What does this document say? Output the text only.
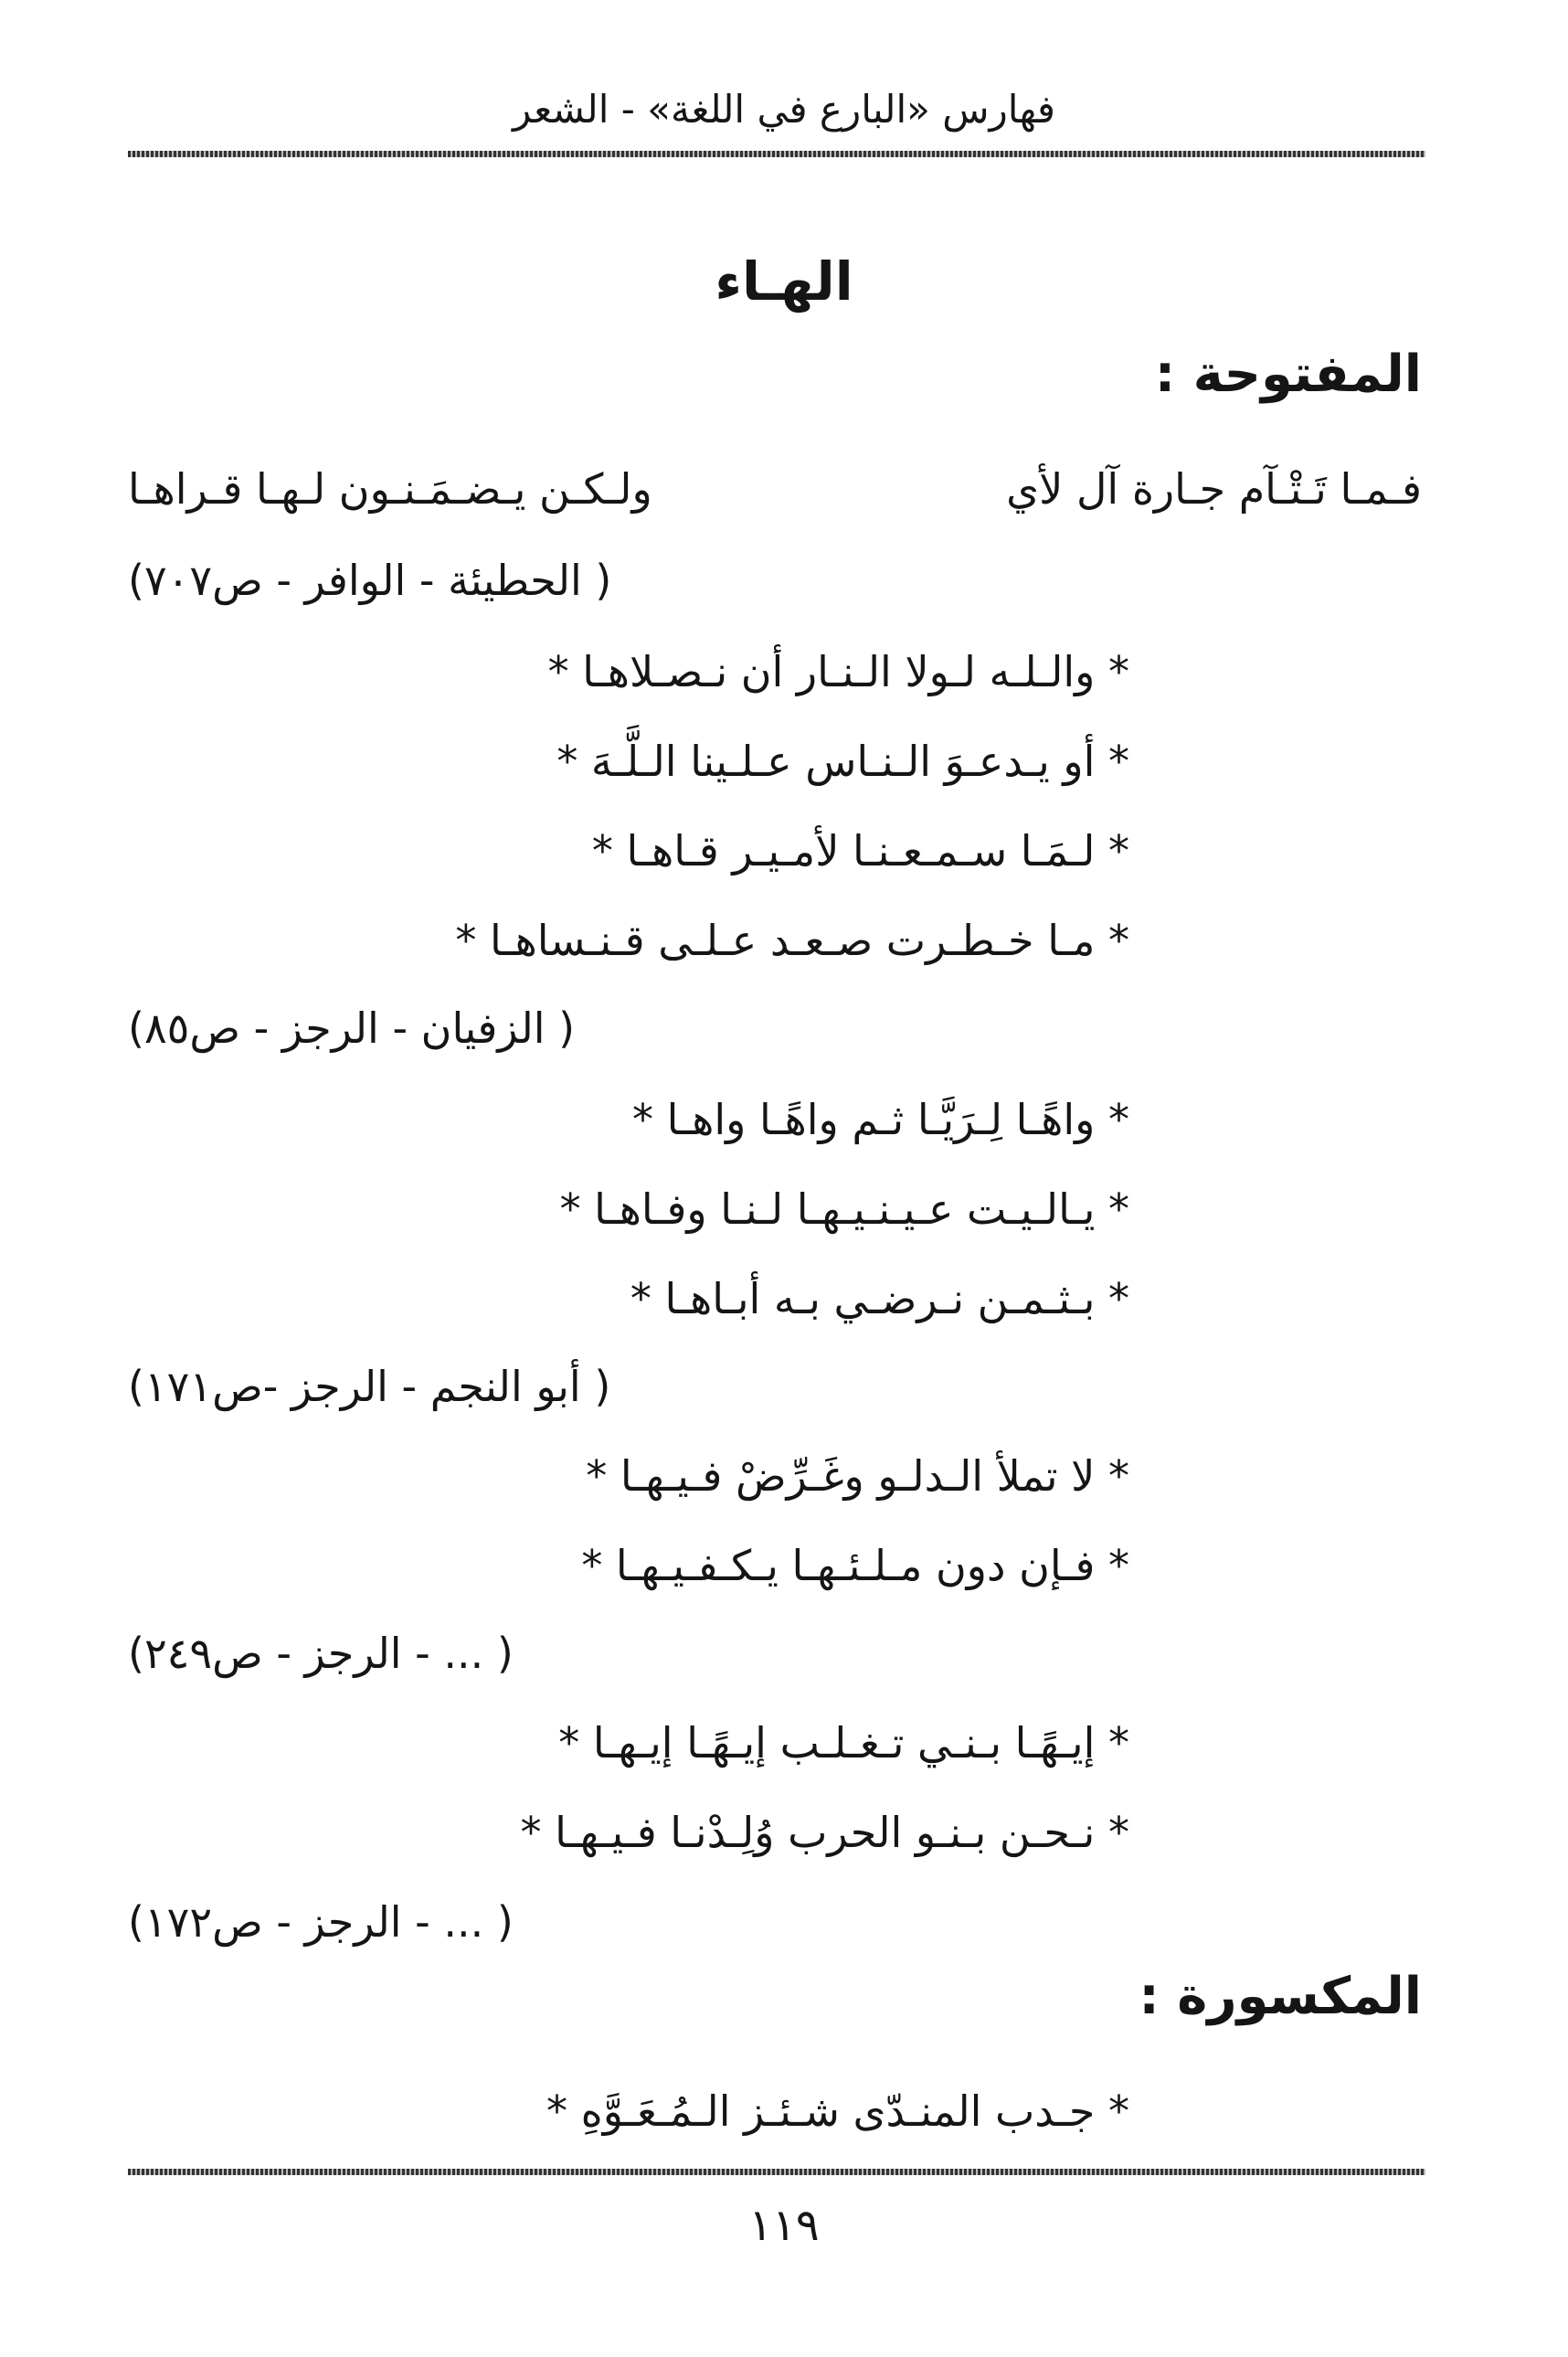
فهارس «البارع في اللغة» - الشعر
الهـاء
المفتوحة :
فـمـا تَـتْـآم جـارة آل لأي
ولـكـن يـضـمَـنـون لـهـا قـراهـا
( الحطيئة - الوافر - ص٧٠٧)
* والـلـه لـولا الـنـار أن نـصـلاهـا *
* أو يـدعـوَ الـنـاس عـلـينا الـلَّـهَ *
* لـمَـا سـمـعـنـا لأمـيـر قـاهـا *
* مـا خـطـرت صـعـد عـلـى قـنـساهـا *
( الزفيان - الرجز - ص٨٥)
* واهًـا لِـرَيَّـا ثـم واهًـا واهـا *
* يـالـيـت عـيـنـيـهـا لـنـا وفـاهـا *
* بـثـمـن نـرضـي بـه أبـاهـا *
( أبو النجم - الرجز -ص١٧١)
* لا تملأ الـدلـو وغَـرِّضْ فـيـهـا *
* فـإن دون مـلـئـهـا يـكـفـيـهـا *
( ... - الرجز - ص٢٤٩)
* إيـهًـا بـنـي تـغـلـب إيـهًـا إيـهـا *
* نـحـن بـنـو الحرب وُلِـدْنـا فـيـهـا *
( ... - الرجز - ص١٧٢)
المكسورة :
* جـدب المنـدّى شـئـز الـمُـعَـوَّهِ *
١١٩
